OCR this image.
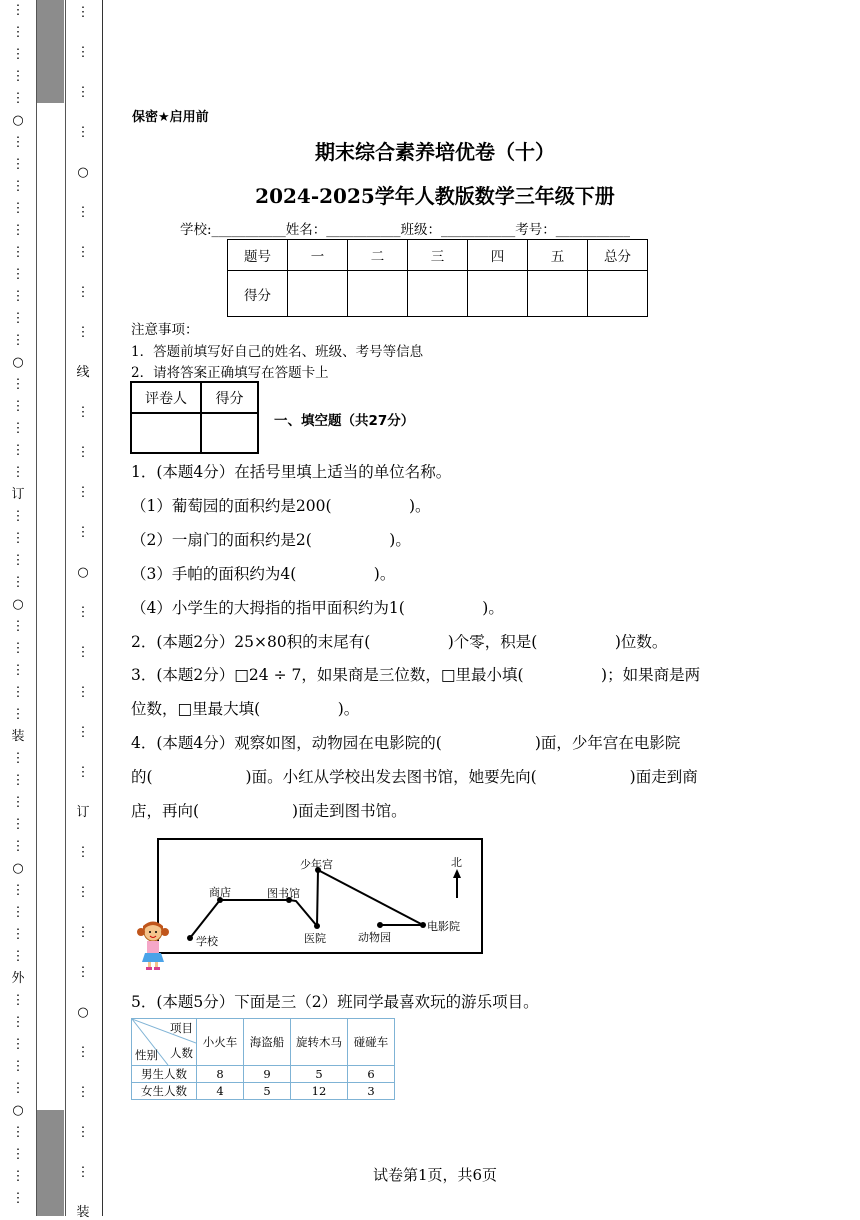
⋮
⋮
⋮
⋮
⋮
○
⋮
⋮
⋮
⋮
⋮
⋮
⋮
⋮
⋮
⋮
○
⋮
⋮
⋮
⋮
⋮
订
⋮
⋮
⋮
⋮
○
⋮
⋮
⋮
⋮
⋮
装
⋮
⋮
⋮
⋮
⋮
○
⋮
⋮
⋮
⋮
外
⋮
⋮
⋮
⋮
⋮
○
⋮
⋮
⋮
⋮
⋮
⋮
⋮
⋮
○
⋮
⋮
⋮
⋮
线
⋮
⋮
⋮
⋮
○
⋮
⋮
⋮
⋮
⋮
订
⋮
⋮
⋮
⋮
○
⋮
⋮
⋮
⋮
装
保密★启用前
期末综合素养培优卷（十）
2024-2025学年人教版数学三年级下册
学校:___________姓名：___________班级：___________考号：___________
题号	一	二	三	四	五	总分
得分						
注意事项：
1．答题前填写好自己的姓名、班级、考号等信息
2．请将答案正确填写在答题卡上
评卷人	得分

一、填空题（共27分）
1．(本题4分）在括号里填上适当的单位名称。
（1）葡萄园的面积约是200(　　　　　)。
（2）一扇门的面积约是2(　　　　　)。
（3）手帕的面积约为4(　　　　　)。
（4）小学生的大拇指的指甲面积约为1(　　　　　)。
2．(本题2分）25×80积的末尾有(　　　　　)个零，积是(　　　　　)位数。
3．(本题2分）□24 ÷ 7，如果商是三位数，□里最小填(　　　　　)；如果商是两
位数，□里最大填(　　　　　)。
4．(本题4分）观察如图，动物园在电影院的(　　　　　　)面，少年宫在电影院
的(　　　　　　)面。小红从学校出发去图书馆，她要先向(　　　　　　)面走到商
店，再向(　　　　　　)面走到图书馆。
少年宫	北
商店	图书馆
学校	医院	动物园
电影院
5．(本题5分）下面是三（2）班同学最喜欢玩的游乐项目。
项目
人数
性别	小火车	海盗船	旋转木马	碰碰车
男生人数	8	9	5	6
女生人数	4	5	12	3
试卷第1页，共6页
